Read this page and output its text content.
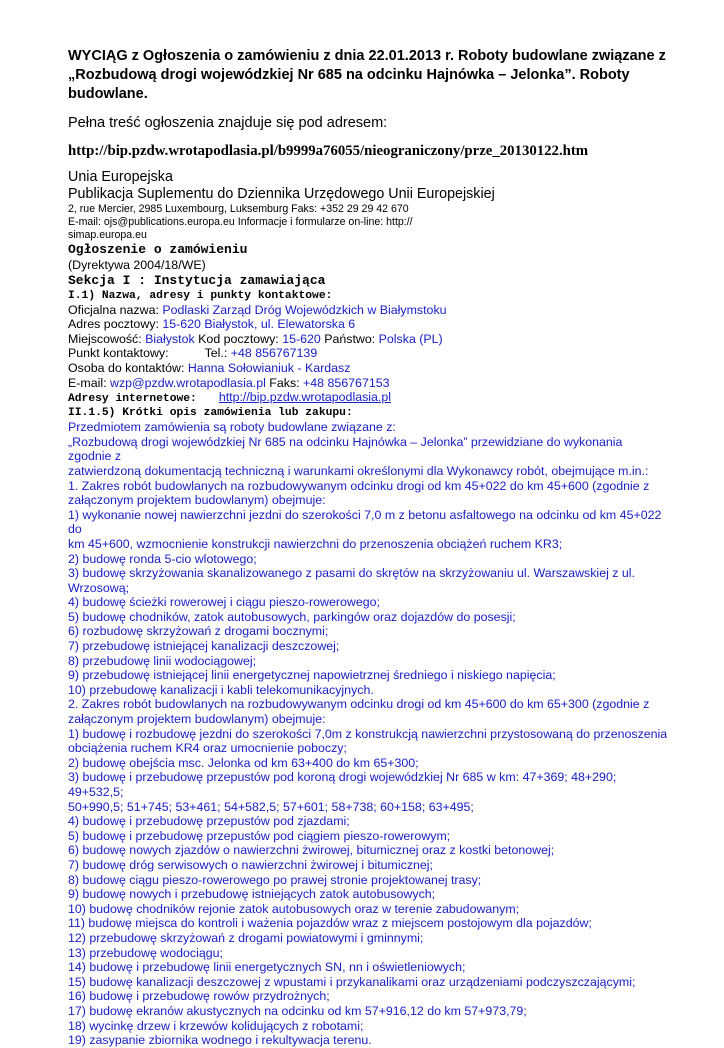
WYCIĄG z Ogłoszenia o zamówieniu z dnia 22.01.2013 r. Roboty budowlane związane z „Rozbudową drogi wojewódzkiej Nr 685 na odcinku Hajnówka – Jelonka”. Roboty budowlane.
Pełna treść ogłoszenia znajduje się pod adresem:
http://bip.pzdw.wrotapodlasia.pl/b9999a76055/nieograniczony/prze_20130122.htm
Unia Europejska
Publikacja Suplementu do Dziennika Urzędowego Unii Europejskiej
2, rue Mercier, 2985 Luxembourg, Luksemburg Faks: +352 29 29 42 670
E-mail: ojs@publications.europa.eu Informacje i formularze on-line: http://
simap.europa.eu
Ogłoszenie o zamówieniu
(Dyrektywa 2004/18/WE)
Sekcja I : Instytucja zamawiająca
I.1) Nazwa, adresy i punkty kontaktowe:
Oficjalna nazwa: Podlaski Zarząd Dróg Wojewódzkich w Białymstoku
Adres pocztowy: 15-620 Białystok, ul. Elewatorska 6
Miejscowość: Białystok Kod pocztowy: 15-620 Państwo: Polska (PL)
Punkt kontaktowy:	Tel.: +48 856767139
Osoba do kontaktów: Hanna Sołowianiuk - Kardasz
E-mail: wzp@pzdw.wrotapodlasia.pl Faks: +48 856767153
Adresy internetowe: http://bip.pzdw.wrotapodlasia.pl
II.1.5) Krótki opis zamówienia lub zakupu:
Przedmiotem zamówienia są roboty budowlane związane z:
„Rozbudową drogi wojewódzkiej Nr 685 na odcinku Hajnówka – Jelonka” przewidziane do wykonania zgodnie z
zatwierdzoną dokumentacją techniczną i warunkami określonymi dla Wykonawcy robót, obejmujące m.in.:
1. Zakres robót budowlanych na rozbudowywanym odcinku drogi od km 45+022 do km 45+600 (zgodnie z
załączonym projektem budowlanym) obejmuje:
1) wykonanie nowej nawierzchni jezdni do szerokości 7,0 m z betonu asfaltowego na odcinku od km 45+022 do
km 45+600, wzmocnienie konstrukcji nawierzchni do przenoszenia obciążeń ruchem KR3;
2) budowę ronda 5-cio wlotowego;
3) budowę skrzyżowania skanalizowanego z pasami do skrętów na skrzyżowaniu ul. Warszawskiej z ul.
Wrzosową;
4) budowę ścieżki rowerowej i ciągu pieszo-rowerowego;
5) budowę chodników, zatok autobusowych, parkingów oraz dojazdów do posesji;
6) rozbudowę skrzyżowań z drogami bocznymi;
7) przebudowę istniejącej kanalizacji deszczowej;
8) przebudowę linii wodociągowej;
9) przebudowę istniejącej linii energetycznej napowietrznej średniego i niskiego napięcia;
10) przebudowę kanalizacji i kabli telekomunikacyjnych.
2. Zakres robót budowlanych na rozbudowywanym odcinku drogi od km 45+600 do km 65+300 (zgodnie z
załączonym projektem budowlanym) obejmuje:
1) budowę i rozbudowę jezdni do szerokości 7,0m z konstrukcją nawierzchni przystosowaną do przenoszenia
obciążenia ruchem KR4 oraz umocnienie poboczy;
2) budowę obejścia msc. Jelonka od km 63+400 do km 65+300;
3) budowę i przebudowę przepustów pod koroną drogi wojewódzkiej Nr 685 w km: 47+369; 48+290; 49+532,5;
50+990,5; 51+745; 53+461; 54+582,5; 57+601; 58+738; 60+158; 63+495;
4) budowę i przebudowę przepustów pod zjazdami;
5) budowę i przebudowę przepustów pod ciągiem pieszo-rowerowym;
6) budowę nowych zjazdów o nawierzchni żwirowej, bitumicznej oraz z kostki betonowej;
7) budowę dróg serwisowych o nawierzchni żwirowej i bitumicznej;
8) budowę ciągu pieszo-rowerowego po prawej stronie projektowanej trasy;
9) budowę nowych i przebudowę istniejących zatok autobusowych;
10) budowę chodników rejonie zatok autobusowych oraz w terenie zabudowanym;
11) budowę miejsca do kontroli i ważenia pojazdów wraz z miejscem postojowym dla pojazdów;
12) przebudowę skrzyżowań z drogami powiatowymi i gminnymi;
13) przebudowę wodociągu;
14) budowę i przebudowę linii energetycznych SN, nn i oświetleniowych;
15) budowę kanalizacji deszczowej z wpustami i przykanalikami oraz urządzeniami podczyszczającymi;
16) budowę i przebudowę rowów przydrożnych;
17) budowę ekranów akustycznych na odcinku od km 57+916,12 do km 57+973,79;
18) wycinkę drzew i krzewów kolidujących z robotami;
19) zasypanie zbiornika wodnego i rekultywacja terenu.
